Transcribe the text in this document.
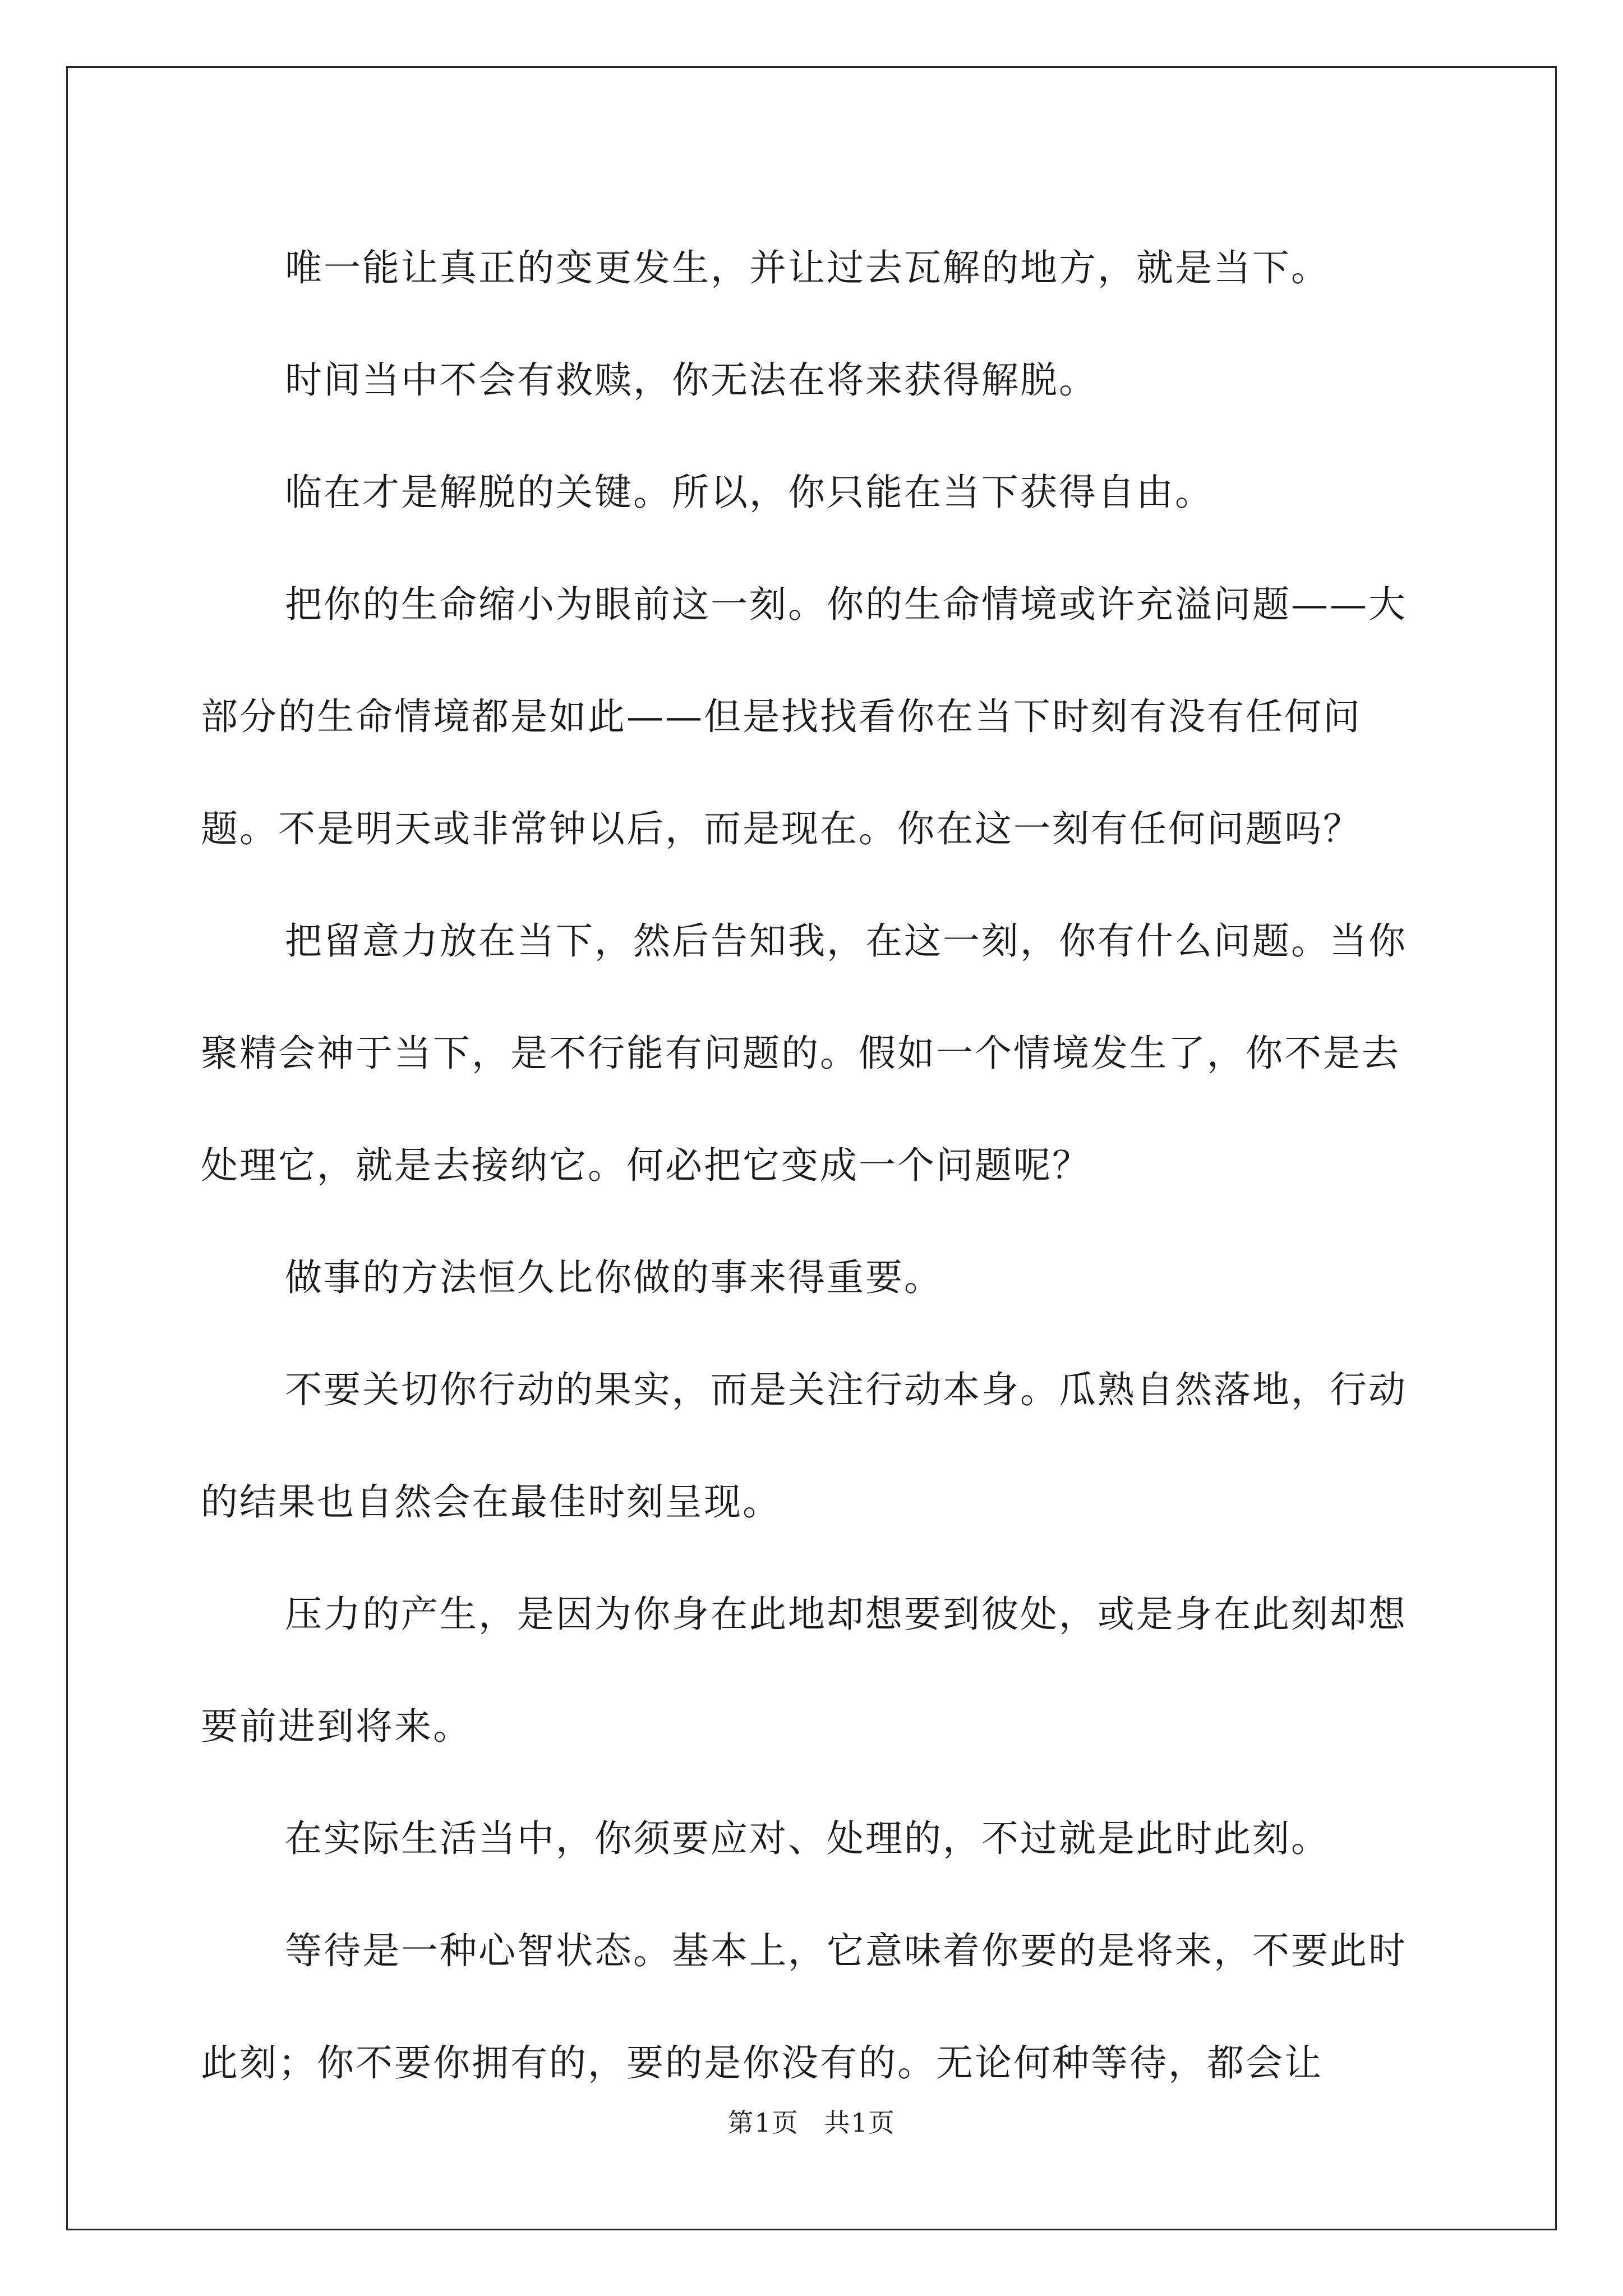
唯一能让真正的变更发生，并让过去瓦解的地方，就是当下。

时间当中不会有救赎，你无法在将来获得解脱。

临在才是解脱的关键。所以，你只能在当下获得自由。

把你的生命缩小为眼前这一刻。你的生命情境或许充溢问题——大部分的生命情境都是如此——但是找找看你在当下时刻有没有任何问题。不是明天或非常钟以后，而是现在。你在这一刻有任何问题吗？

把留意力放在当下，然后告知我，在这一刻，你有什么问题。当你聚精会神于当下，是不行能有问题的。假如一个情境发生了，你不是去处理它，就是去接纳它。何必把它变成一个问题呢？

做事的方法恒久比你做的事来得重要。

不要关切你行动的果实，而是关注行动本身。瓜熟自然落地，行动的结果也自然会在最佳时刻呈现。

压力的产生，是因为你身在此地却想要到彼处，或是身在此刻却想要前进到将来。

在实际生活当中，你须要应对、处理的，不过就是此时此刻。

等待是一种心智状态。基本上，它意味着你要的是将来，不要此时此刻；你不要你拥有的，要的是你没有的。无论何种等待，都会让

第1页 共1页
